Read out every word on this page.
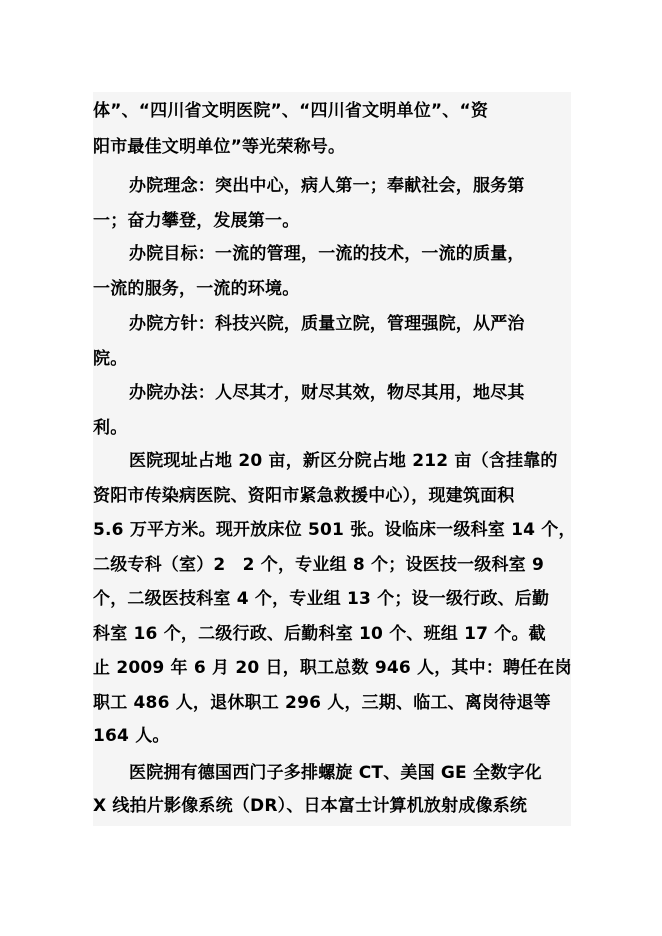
体”、“四川省文明医院”、“四川省文明单位”、“资
阳市最佳文明单位”等光荣称号。
办院理念：突出中心，病人第一；奉献社会，服务第
一；奋力攀登，发展第一。
办院目标：一流的管理，一流的技术，一流的质量，
一流的服务，一流的环境。
办院方针：科技兴院，质量立院，管理强院，从严治
院。
办院办法：人尽其才，财尽其效，物尽其用，地尽其
利。
医院现址占地 20 亩，新区分院占地 212 亩（含挂靠的
资阳市传染病医院、资阳市紧急救援中心），现建筑面积
5.6 万平方米。现开放床位 501 张。设临床一级科室 14 个，
二级专科（室）2　2 个，专业组 8 个；设医技一级科室 9
个，二级医技科室 4 个，专业组 13 个；设一级行政、后勤
科室 16 个，二级行政、后勤科室 10 个、班组 17 个。截
止 2009 年 6 月 20 日，职工总数 946 人，其中：聘任在岗
职工 486 人，退休职工 296 人，三期、临工、离岗待退等
164 人。
医院拥有德国西门子多排螺旋 CT、美国 GE 全数字化
X 线拍片影像系统（DR）、日本富士计算机放射成像系统
